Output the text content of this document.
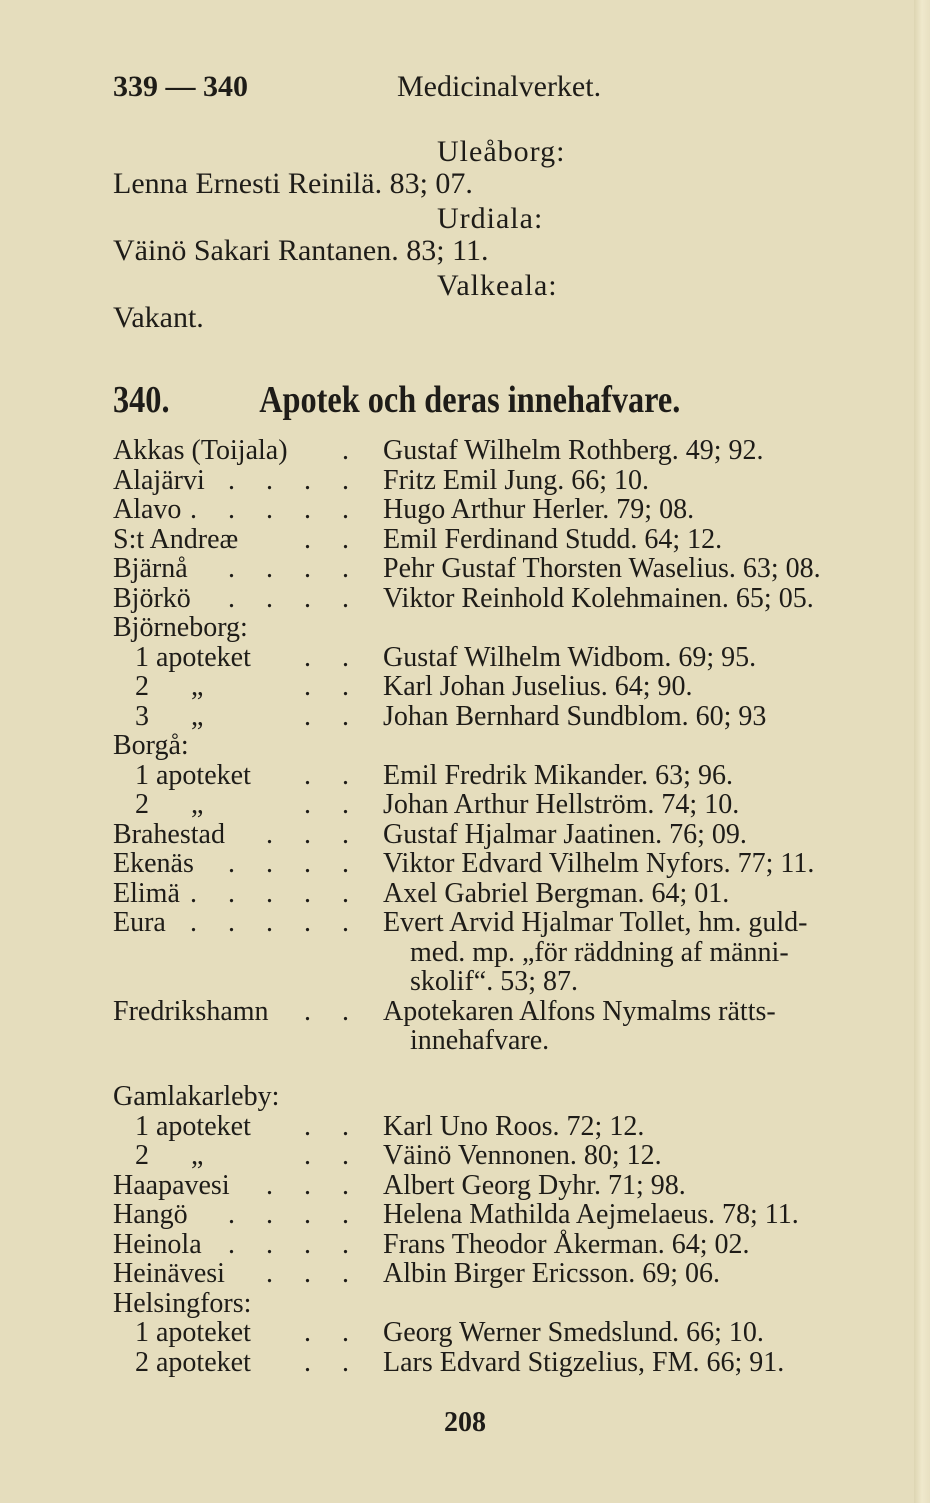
339 — 340	Medicinalverket.
Uleåborg:
Lenna Ernesti Reinilä. 83; 07.
Urdiala:
Väinö Sakari Rantanen. 83; 11.
Valkeala:
Vakant.
340. Apotek och deras innehafvare.
Akkas (Toijala)	. Gustaf Wilhelm Rothberg. 49; 92.
Alajärvi . . . . Fritz Emil Jung. 66; 10.
Alavo . . . . . Hugo Arthur Herler. 79; 08.
S:t Andreæ	. . Emil Ferdinand Studd. 64; 12.
Bjärnå	. . . . Pehr Gustaf Thorsten Waselius. 63; 08.
Björkö	. . . . Viktor Reinhold Kolehmainen. 65; 05.
Björneborg:
1 apoteket	. . Gustaf Wilhelm Widbom. 69; 95.
2      „	. . Karl Johan Juselius. 64; 90.
3      „	. . Johan Bernhard Sundblom. 60; 93
Borgå:
1 apoteket	. . Emil Fredrik Mikander. 63; 96.
2      „	. . Johan Arthur Hellström. 74; 10.
Brahestad	. . . Gustaf Hjalmar Jaatinen. 76; 09.
Ekenäs	. . . . Viktor Edvard Vilhelm Nyfors. 77; 11.
Elimä . . . . . Axel Gabriel Bergman. 64; 01.
Eura . . . . . Evert Arvid Hjalmar Tollet, hm. guld-
med. mp. „för räddning af männi-
skolif“. 53; 87.
Fredrikshamn	. . Apotekaren Alfons Nymalms rätts-
innehafvare.
Gamlakarleby:
1 apoteket	. . Karl Uno Roos. 72; 12.
2      „	. . Väinö Vennonen. 80; 12.
Haapavesi	. . . Albert Georg Dyhr. 71; 98.
Hangö	. . . . Helena Mathilda Aejmelaeus. 78; 11.
Heinola . . . . Frans Theodor Åkerman. 64; 02.
Heinävesi	. . . Albin Birger Ericsson. 69; 06.
Helsingfors:
1 apoteket	. . Georg Werner Smedslund. 66; 10.
2 apoteket	. . Lars Edvard Stigzelius, FM. 66; 91.
208
